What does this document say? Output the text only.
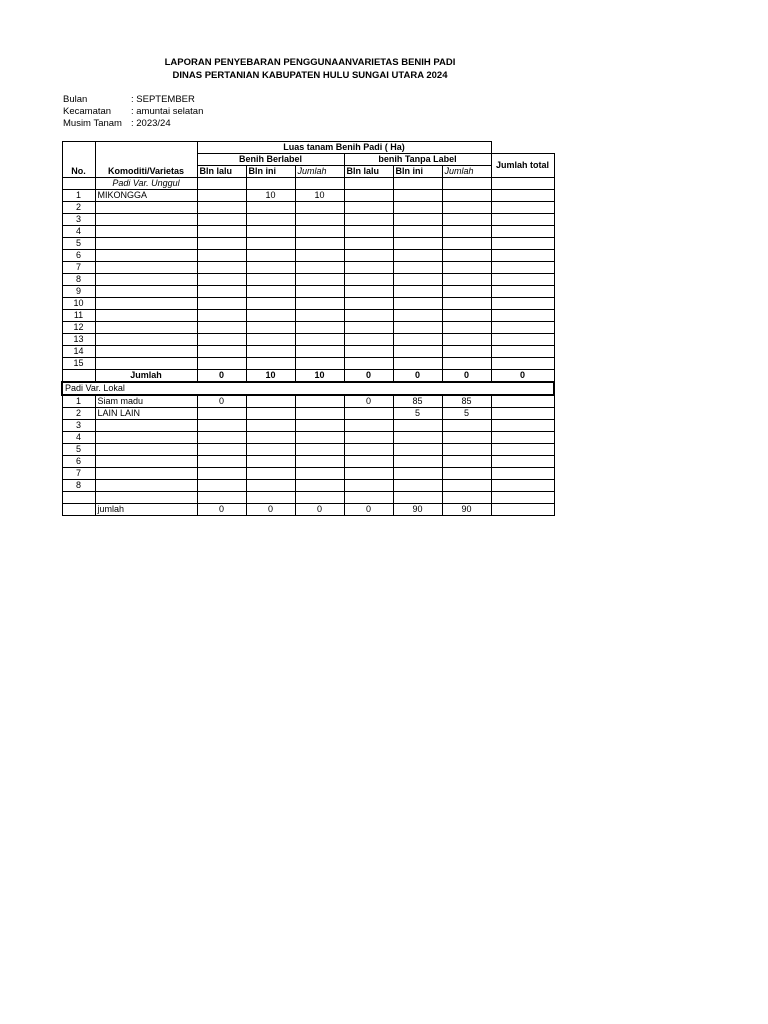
LAPORAN PENYEBARAN PENGGUNAANVARIETAS BENIH PADI
DINAS PERTANIAN KABUPATEN HULU SUNGAI UTARA 2024
Bulan	: SEPTEMBER
Kecamatan : amuntai selatan
Musim Tanam : 2023/24
		Luas tanam Benih Padi ( Ha)						
		Benih Berlabel			benih Tanpa Label			Jumlah total
No.	Komoditi/Varietas	Bln lalu	Bln ini	Jumlah	Bln lalu	Bln ini	Jumlah	
	Padi Var. Unggul							
1	MIKONGGA		10	10				
2								
3								
4								
5								
6								
7								
8								
9								
10								
11								
12								
13								
14								
15								
	Jumlah	0	10	10	0	0	0	0
Padi Var. Lokal								
1	Siam madu	0			0	85	85	
2	LAIN LAIN					5	5	
3								
4								
5								
6								
7								
8								

	jumlah	0	0	0	0	90	90	
